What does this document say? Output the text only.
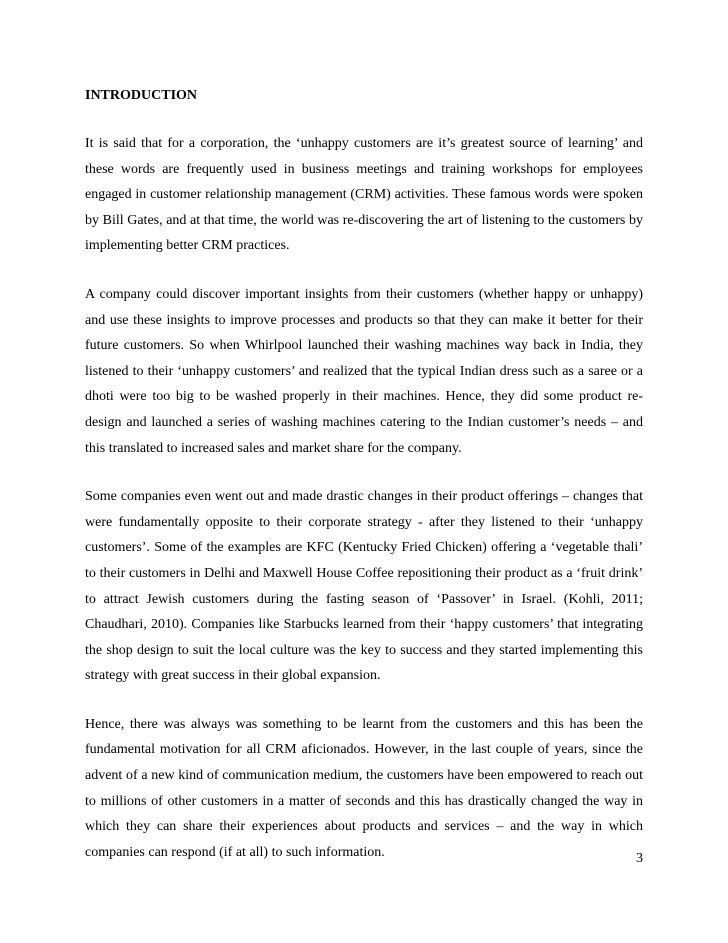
INTRODUCTION

It is said that for a corporation, the ‘unhappy customers are it’s greatest source of learning’ and these words are frequently used in business meetings and training workshops for employees engaged in customer relationship management (CRM) activities. These famous words were spoken by Bill Gates, and at that time, the world was re-discovering the art of listening to the customers by implementing better CRM practices.

A company could discover important insights from their customers (whether happy or unhappy) and use these insights to improve processes and products so that they can make it better for their future customers. So when Whirlpool launched their washing machines way back in India, they listened to their ‘unhappy customers’ and realized that the typical Indian dress such as a saree or a dhoti were too big to be washed properly in their machines. Hence, they did some product re-design and launched a series of washing machines catering to the Indian customer’s needs – and this translated to increased sales and market share for the company.

Some companies even went out and made drastic changes in their product offerings – changes that were fundamentally opposite to their corporate strategy - after they listened to their ‘unhappy customers’. Some of the examples are KFC (Kentucky Fried Chicken) offering a ‘vegetable thali’ to their customers in Delhi and Maxwell House Coffee repositioning their product as a ‘fruit drink’ to attract Jewish customers during the fasting season of ‘Passover’ in Israel. (Kohli, 2011; Chaudhari, 2010). Companies like Starbucks learned from their ‘happy customers’ that integrating the shop design to suit the local culture was the key to success and they started implementing this strategy with great success in their global expansion.

Hence, there was always was something to be learnt from the customers and this has been the fundamental motivation for all CRM aficionados. However, in the last couple of years, since the advent of a new kind of communication medium, the customers have been empowered to reach out to millions of other customers in a matter of seconds and this has drastically changed the way in which they can share their experiences about products and services – and the way in which companies can respond (if at all) to such information.	3
